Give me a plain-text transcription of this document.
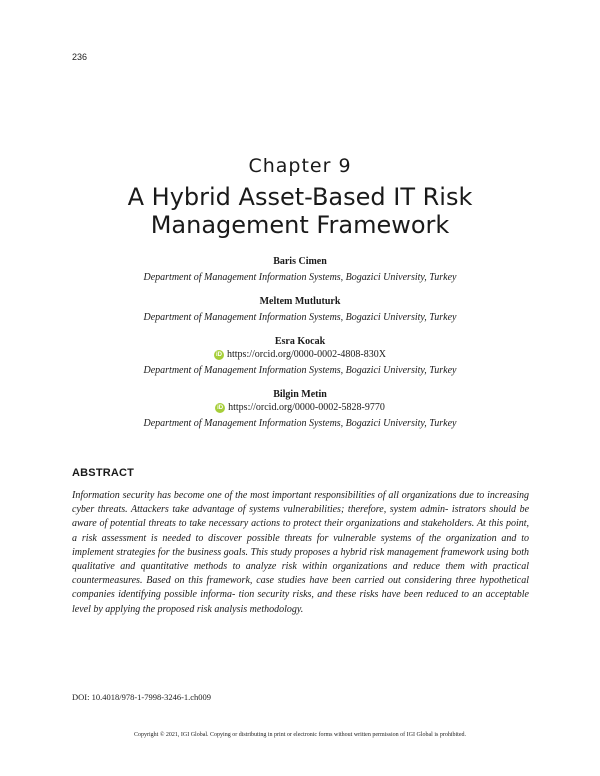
236
Chapter 9
A Hybrid Asset-Based IT Risk
Management Framework
Baris Cimen
Department of Management Information Systems, Bogazici University, Turkey
Meltem Mutluturk
Department of Management Information Systems, Bogazici University, Turkey
Esra Kocak
iD https://orcid.org/0000-0002-4808-830X
Department of Management Information Systems, Bogazici University, Turkey
Bilgin Metin
iD https://orcid.org/0000-0002-5828-9770
Department of Management Information Systems, Bogazici University, Turkey
ABSTRACT

Information security has become one of the most important responsibilities of all organizations due to increasing cyber threats. Attackers take advantage of systems vulnerabilities; therefore, system admin- istrators should be aware of potential threats to take necessary actions to protect their organizations and stakeholders. At this point, a risk assessment is needed to discover possible threats for vulnerable systems of the organization and to implement strategies for the business goals. This study proposes a hybrid risk management framework using both qualitative and quantitative methods to analyze risk within organizations and reduce them with practical countermeasures. Based on this framework, case studies have been carried out considering three hypothetical companies identifying possible informa- tion security risks, and these risks have been reduced to an acceptable level by applying the proposed risk analysis methodology.

DOI: 10.4018/978-1-7998-3246-1.ch009
Copyright © 2021, IGI Global. Copying or distributing in print or electronic forms without written permission of IGI Global is prohibited.
